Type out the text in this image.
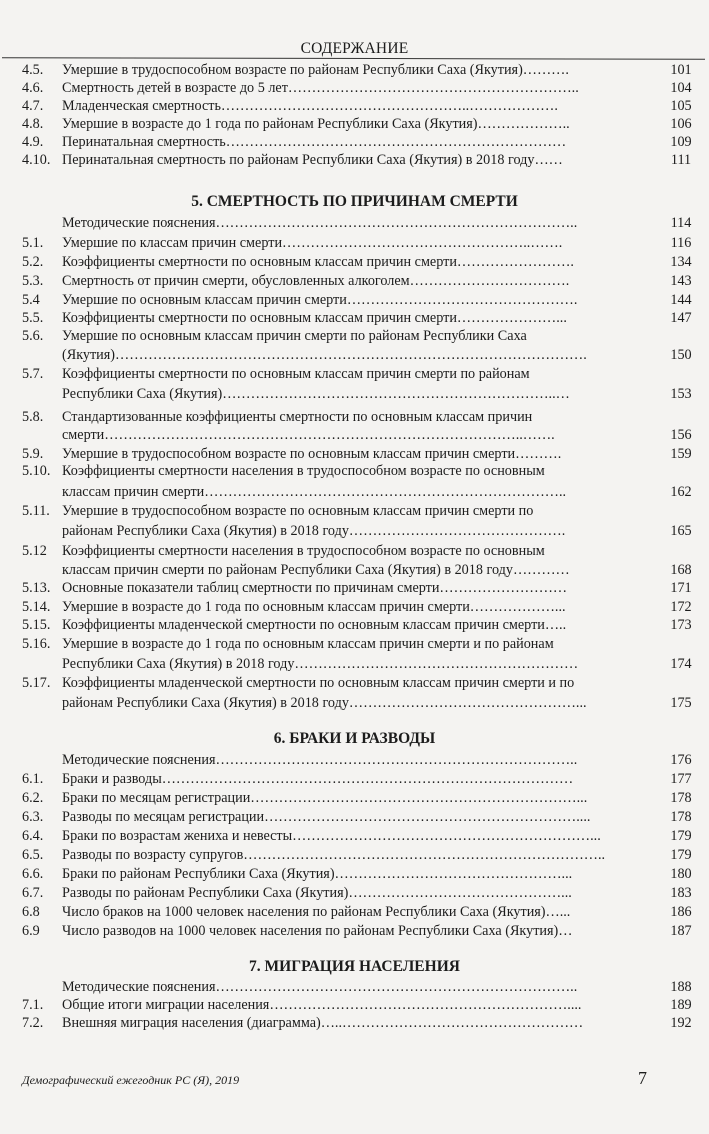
СОДЕРЖАНИЕ
4.5. Умершие в трудоспособном возрасте по районам Республики Саха (Якутия)……….	101
4.6. Смертность детей в возрасте до 5 лет……………………………………………………..	104
4.7. Младенческая смертность……………………………………………..……………….	105
4.8. Умершие в возрасте до 1 года по районам Республики Саха (Якутия)………………..	106
4.9. Перинатальная смертность………………………………………………………………	109
4.10. Перинатальная смертность по районам Республики Саха (Якутия) в 2018 году……	111
5. СМЕРТНОСТЬ ПО ПРИЧИНАМ СМЕРТИ
Методические пояснения…………………………………………………………………..	114
5.1. Умершие по классам причин смерти……………………………………………..…….	116
5.2. Коэффициенты смертности по основным классам причин смерти…………………….	134
5.3. Смертность от причин смерти, обусловленных алкоголем…………………………….	143
5.4 Умершие по основным классам причин смерти………………………………………….	144
5.5. Коэффициенты смертности по основным классам причин смерти…………………...	147
5.6. Умершие по основным классам причин смерти по районам Республики Саха
(Якутия)……………………………………………………………………………………….	150
5.7. Коэффициенты смертности по основным классам причин смерти по районам
Республики Саха (Якутия)……………………………………………………………..…	153
5.8. Стандартизованные коэффициенты смертности по основным классам причин
смерти……………………………………………………………………………..…….	156
5.9. Умершие в трудоспособном возрасте по основным классам причин смерти……….	159
5.10. Коэффициенты смертности населения в трудоспособном возрасте по основным
классам причин смерти…………………………………………………………………..	162
5.11. Умершие в трудоспособном возрасте по основным классам причин смерти по
районам Республики Саха (Якутия) в 2018 году……………………………………….	165
5.12 Коэффициенты смертности населения в трудоспособном возрасте по основным
классам причин смерти по районам Республики Саха (Якутия) в 2018 году…………	168
5.13. Основные показатели таблиц смертности по причинам смерти………………………	171
5.14. Умершие в возрасте до 1 года по основным классам причин смерти………………...	172
5.15. Коэффициенты младенческой смертности по основным классам причин смерти…..	173
5.16. Умершие в возрасте до 1 года по основным классам причин смерти и по районам
Республики Саха (Якутия) в 2018 году……………………………………………………	174
5.17. Коэффициенты младенческой смертности по основным классам причин смерти и по
районам Республики Саха (Якутия) в 2018 году…………………………………………...	175
6. БРАКИ И РАЗВОДЫ
Методические пояснения…………………………………………………………………..	176
6.1. Браки и разводы……………………………………………………………………………	177
6.2. Браки по месяцам регистрации……………………………………………………………...	178
6.3. Разводы по месяцам регистрации…………………………………………………………....	178
6.4. Браки по возрастам жениха и невесты………………………………………………………...	179
6.5. Разводы по возрасту супругов…………………………………………………………………..	179
6.6. Браки по районам Республики Саха (Якутия)…………………………………………...	180
6.7. Разводы по районам Республики Саха (Якутия)………………………………………...	183
6.8 Число браков на 1000 человек населения по районам Республики Саха (Якутия)…...	186
6.9 Число разводов на 1000 человек населения по районам Республики Саха (Якутия)…	187
7. МИГРАЦИЯ НАСЕЛЕНИЯ
Методические пояснения…………………………………………………………………..	188
7.1. Общие итоги миграции населения………………………………………………………....	189
7.2. Внешняя миграция населения (диаграмма)…..……………………………………………	192
Демографический ежегодник РС (Я), 2019	7
